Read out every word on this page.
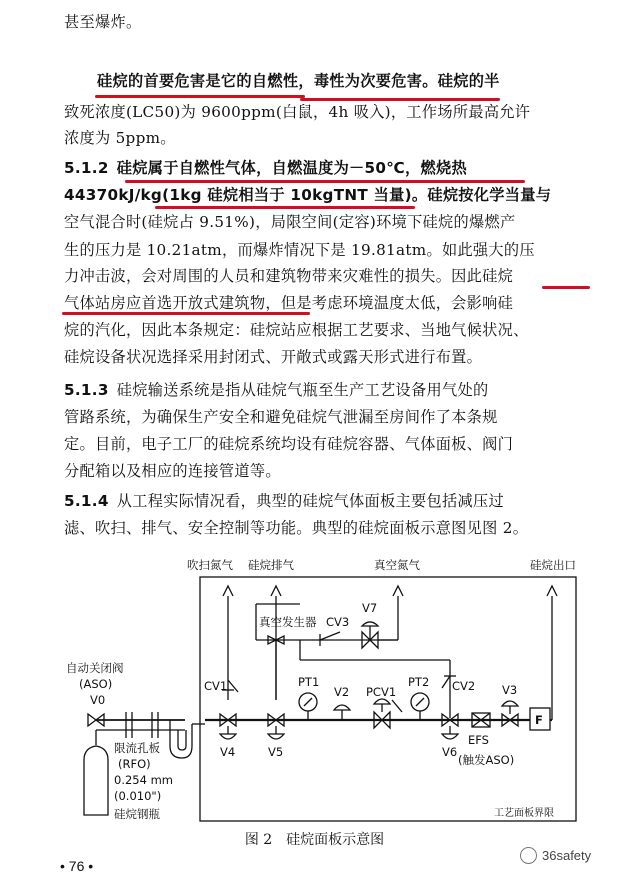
甚至爆炸。
硅烷的首要危害是它的自燃性，毒性为次要危害。硅烷的半
致死浓度(LC50)为 9600ppm(白鼠，4h 吸入)，工作场所最高允许
浓度为 5ppm。
5.1.2 硅烷属于自燃性气体，自燃温度为－50℃，燃烧热
44370kJ/kg(1kg 硅烷相当于 10kgTNT 当量)。硅烷按化学当量与
空气混合时(硅烷占 9.51%)，局限空间(定容)环境下硅烷的爆燃产
生的压力是 10.21atm，而爆炸情况下是 19.81atm。如此强大的压
力冲击波，会对周围的人员和建筑物带来灾难性的损失。因此硅烷
气体站房应首选开放式建筑物，但是考虑环境温度太低，会影响硅
烷的汽化，因此本条规定：硅烷站应根据工艺要求、当地气候状况、
硅烷设备状况选择采用封闭式、开敞式或露天形式进行布置。
5.1.3 硅烷输送系统是指从硅烷气瓶至生产工艺设备用气处的
管路系统，为确保生产安全和避免硅烷气泄漏至房间作了本条规
定。目前，电子工厂的硅烷系统均设有硅烷容器、气体面板、阀门
分配箱以及相应的连接管道等。
5.1.4 从工程实际情况看，典型的硅烷气体面板主要包括减压过
滤、吹扫、排气、安全控制等功能。典型的硅烷面板示意图见图 2。
吹扫氮气 硅烷排气	真空氮气	硅烷出口
真空发生器 CV3
V7
自动关闭阀
(ASO)
V0
CV1	PT1
V2 PCV1
PT2 CV2 V3
F
V4	V5	V6
EFS
(触发ASO)
限流孔板
(RFO)
0.254 mm
(0.010")
硅烷钢瓶	工艺面板界限
图 2　硅烷面板示意图
• 76 •
36safety
